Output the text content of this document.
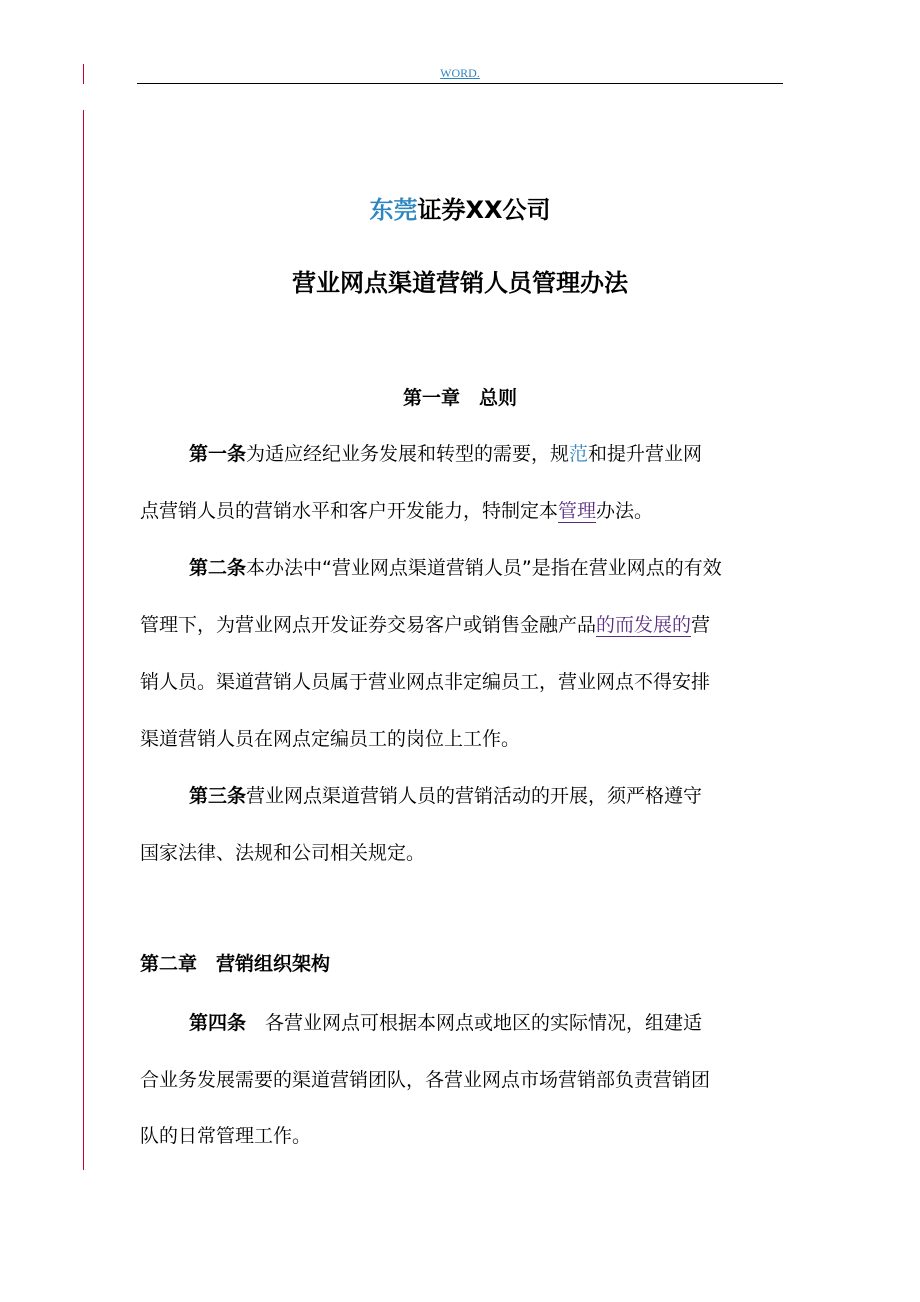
WORD.
东莞证券XX公司
营业网点渠道营销人员管理办法
第一章　总则
第一条为适应经纪业务发展和转型的需要，规范和提升营业网
点营销人员的营销水平和客户开发能力，特制定本管理办法。
第二条本办法中“营业网点渠道营销人员”是指在营业网点的有效
管理下，为营业网点开发证券交易客户或销售金融产品的而发展的营
销人员。渠道营销人员属于营业网点非定编员工，营业网点不得安排
渠道营销人员在网点定编员工的岗位上工作。
第三条营业网点渠道营销人员的营销活动的开展，须严格遵守
国家法律、法规和公司相关规定。
第二章　营销组织架构
第四条　各营业网点可根据本网点或地区的实际情况，组建适
合业务发展需要的渠道营销团队，各营业网点市场营销部负责营销团
队的日常管理工作。
